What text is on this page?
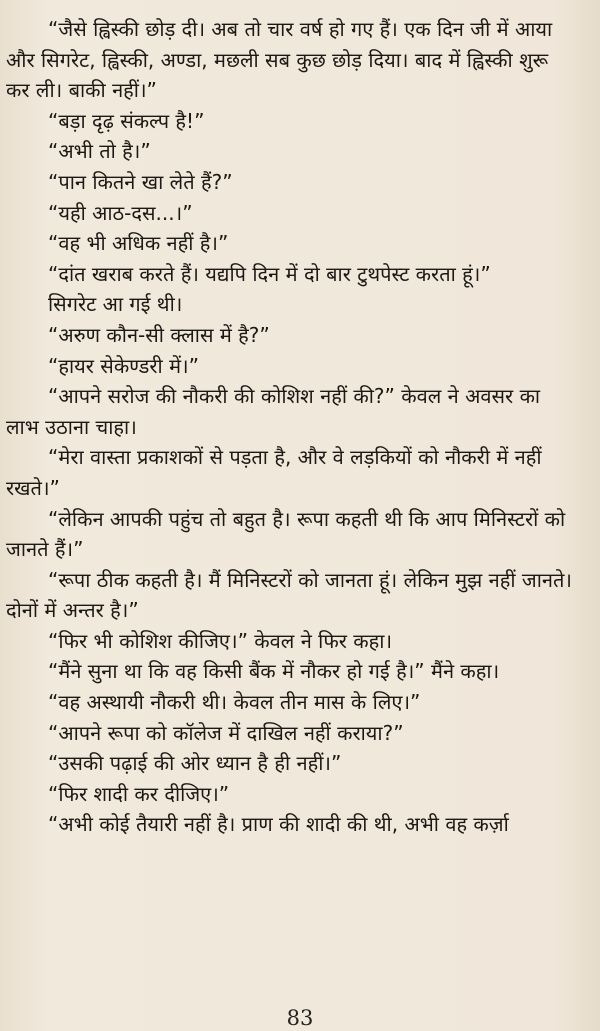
“जैसे ह्विस्की छोड़ दी। अब तो चार वर्ष हो गए हैं। एक दिन जी में आया और सिगरेट, ह्विस्की, अण्डा, मछली सब कुछ छोड़ दिया। बाद में ह्विस्की शुरू कर ली। बाकी नहीं।”

“बड़ा दृढ़ संकल्प है!”

“अभी तो है।”

“पान कितने खा लेते हैं?”

“यही आठ-दस...।”

“वह भी अधिक नहीं है।”

“दांत खराब करते हैं। यद्यपि दिन में दो बार टुथपेस्ट करता हूं।”

सिगरेट आ गई थी।

“अरुण कौन-सी क्लास में है?”

“हायर सेकेण्डरी में।”

“आपने सरोज की नौकरी की कोशिश नहीं की?” केवल ने अवसर का लाभ उठाना चाहा।

“मेरा वास्ता प्रकाशकों से पड़ता है, और वे लड़कियों को नौकरी में नहीं रखते।”

“लेकिन आपकी पहुंच तो बहुत है। रूपा कहती थी कि आप मिनिस्टरों को जानते हैं।”

“रूपा ठीक कहती है। मैं मिनिस्टरों को जानता हूं। लेकिन मुझ नहीं जानते। दोनों में अन्तर है।”

“फिर भी कोशिश कीजिए।” केवल ने फिर कहा।

“मैंने सुना था कि वह किसी बैंक में नौकर हो गई है।” मैंने कहा।

“वह अस्थायी नौकरी थी। केवल तीन मास के लिए।”

“आपने रूपा को कॉलेज में दाखिल नहीं कराया?”

“उसकी पढ़ाई की ओर ध्यान है ही नहीं।”

“फिर शादी कर दीजिए।”

“अभी कोई तैयारी नहीं है। प्राण की शादी की थी, अभी वह कर्ज़ा

83
